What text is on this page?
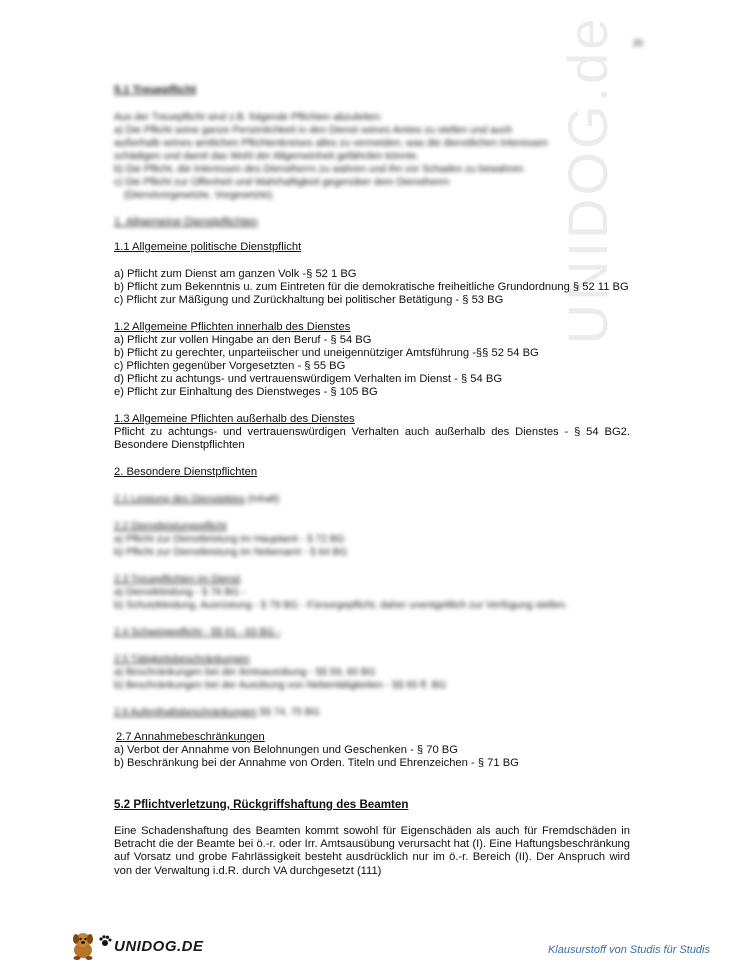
UNIDOG.de 20
5.1 Treuepflicht
Aus der Treuepflicht sind z.B. folgende Pflichten abzuleiten:
a) Die Pflicht seine ganze Persönlichkeit in den Dienst seines Amtes zu stellen und auch
außerhalb seines amtlichen Pflichtenkreises alles zu vermeiden, was die dienstlichen Interessen
schädigen und damit das Wohl der Allgemeinheit gefährden könnte.
b) Die Pflicht, die Interessen des Dienstherrn zu wahren und ihn vor Schaden zu bewahren
c) Die Pflicht zur Offenheit und Wahrhaftigkeit gegenüber dem Dienstherrn
(Dienstvorgesetzte, Vorgesetzte).
1. Allgemeine Dienstpflichten
1.1 Allgemeine politische Dienstpflicht
a) Pflicht zum Dienst am ganzen Volk -§ 52 1 BG
b) Pflicht zum Bekenntnis u. zum Eintreten für die demokratische freiheitliche Grundordnung § 52 11 BG
c) Pflicht zur Mäßigung und Zurückhaltung bei politischer Betätigung - § 53 BG
1.2 Allgemeine Pflichten innerhalb des Dienstes
a) Pflicht zur vollen Hingabe an den Beruf - § 54 BG
b) Pflicht zu gerechter, unparteiischer und uneigennütziger Amtsführung -§§ 52 54 BG
c) Pflichten gegenüber Vorgesetzten - § 55 BG
d) Pflicht zu achtungs- und vertrauenswürdigem Verhalten im Dienst - § 54 BG
e) Pflicht zur Einhaltung des Dienstweges - § 105 BG
1.3 Allgemeine Pflichten außerhalb des Dienstes
Pflicht zu achtungs- und vertrauenswürdigen Verhalten auch außerhalb des Dienstes - § 54 BG2.
Besondere Dienstpflichten
2. Besondere Dienstpflichten
2.1 Leistung des Dienstektes (Inhalt)
2.2 Dienstleistungspflicht
a) Pflicht zur Dienstleistung im Hauptamt - § 72 BG
b) Pflicht zur Dienstleistung im Nebenamt - § 64 BG
2.3 Treuepflichten im Dienst
a) Dienstkleidung - § 76 BG -
b) Schutzkleidung, Ausrüstung - § 79 BG - Fürsorgepflicht, daher unentgeltlich zur Verfügung stellen.
2.4 Schweigepflicht - §§ 61 - 63 BG -
2.5 Tätigkeitsbeschränkungen
a) Beschränkungen bei der Amtsausübung - §§ 59, 60 BG
b) Beschränkungen bei der Ausübung von Nebentätigkeiten - §§ 65 ff. BG
2.6 Aufenthaltsbeschränkungen §§ 74, 75 BG
2.7 Annahmebeschränkungen
a) Verbot der Annahme von Belohnungen und Geschenken - § 70 BG
b) Beschränkung bei der Annahme von Orden. Titeln und Ehrenzeichen - § 71 BG
5.2 Pflichtverletzung, Rückgriffshaftung des Beamten
Eine Schadenshaftung des Beamten kommt sowohl für Eigenschäden als auch für Fremdschäden in Betracht die der Beamte bei ö.-r. oder Irr. Amtsausübung verursacht hat (I). Eine Haftungsbeschränkung auf Vorsatz und grobe Fahrlässigkeit besteht ausdrücklich nur im ö.-r. Bereich (II). Der Anspruch wird von der Verwaltung i.d.R. durch VA durchgesetzt (111)
UNIDOG.DE	Klausurstoff von Studis für Studis
